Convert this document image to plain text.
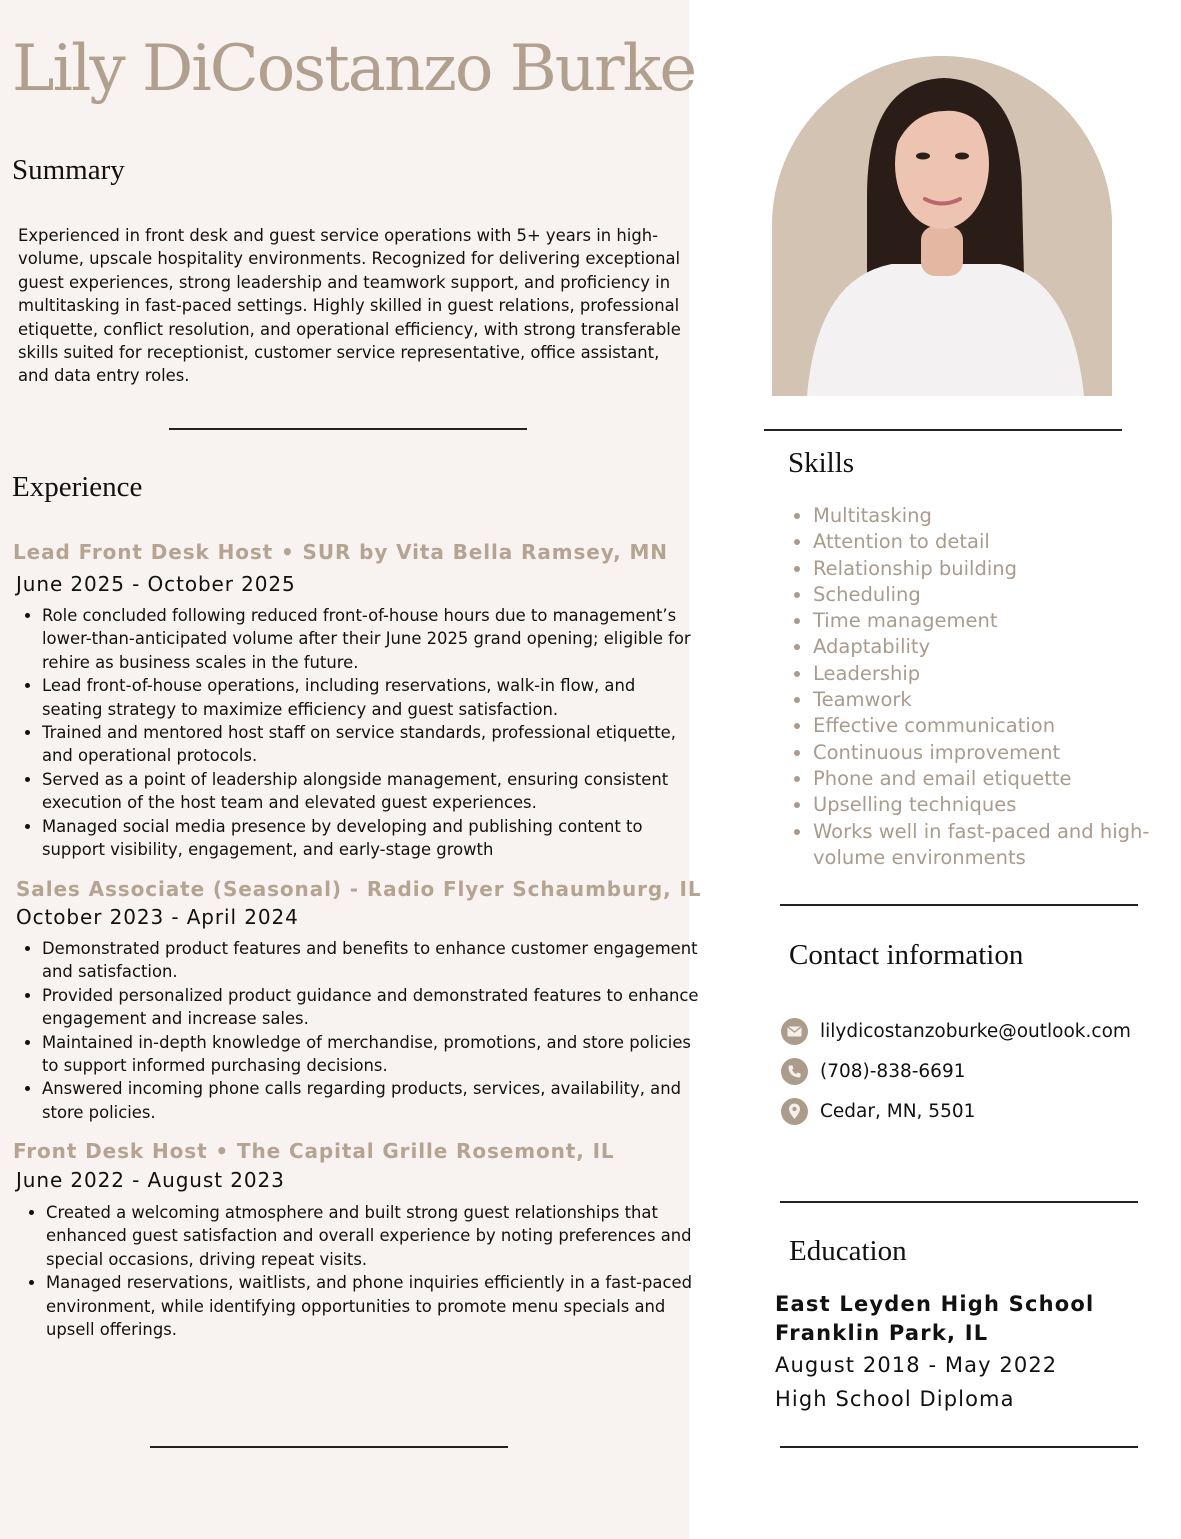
Lily DiCostanzo Burke
Summary

Experienced in front desk and guest service operations with 5+ years in high-volume, upscale hospitality environments. Recognized for delivering exceptional guest experiences, strong leadership and teamwork support, and proficiency in multitasking in fast-paced settings. Highly skilled in guest relations, professional etiquette, conflict resolution, and operational efficiency, with strong transferable skills suited for receptionist, customer service representative, office assistant, and data entry roles.

Experience
Lead Front Desk Host • SUR by Vita Bella Ramsey, MN

June 2025 - October 2025

• Role concluded following reduced front-of-house hours due to management’s lower-than-anticipated volume after their June 2025 grand opening; eligible for rehire as business scales in the future.
• Lead front-of-house operations, including reservations, walk-in flow, and seating strategy to maximize efficiency and guest satisfaction.
• Trained and mentored host staff on service standards, professional etiquette, and operational protocols.
• Served as a point of leadership alongside management, ensuring consistent execution of the host team and elevated guest experiences.
• Managed social media presence by developing and publishing content to support visibility, engagement, and early-stage growth
Sales Associate (Seasonal) - Radio Flyer Schaumburg, IL

October 2023 - April 2024

• Demonstrated product features and benefits to enhance customer engagement and satisfaction.
• Provided personalized product guidance and demonstrated features to enhance engagement and increase sales.
• Maintained in-depth knowledge of merchandise, promotions, and store policies to support informed purchasing decisions.
• Answered incoming phone calls regarding products, services, availability, and store policies.
Front Desk Host • The Capital Grille Rosemont, IL

June 2022 - August 2023

• Created a welcoming atmosphere and built strong guest relationships that enhanced guest satisfaction and overall experience by noting preferences and special occasions, driving repeat visits.
• Managed reservations, waitlists, and phone inquiries efficiently in a fast-paced environment, while identifying opportunities to promote menu specials and upsell offerings.
Skills
• Multitasking
• Attention to detail
• Relationship building
• Scheduling
• Time management
• Adaptability
• Leadership
• Teamwork
• Effective communication
• Continuous improvement
• Phone and email etiquette
• Upselling techniques
• Works well in fast-paced and high-volume environments
Contact information
lilydicostanzoburke@outlook.com
(708)-838-6691
Cedar, MN, 5501
Education

East Leyden High School

Franklin Park, IL

August 2018 - May 2022

High School Diploma
